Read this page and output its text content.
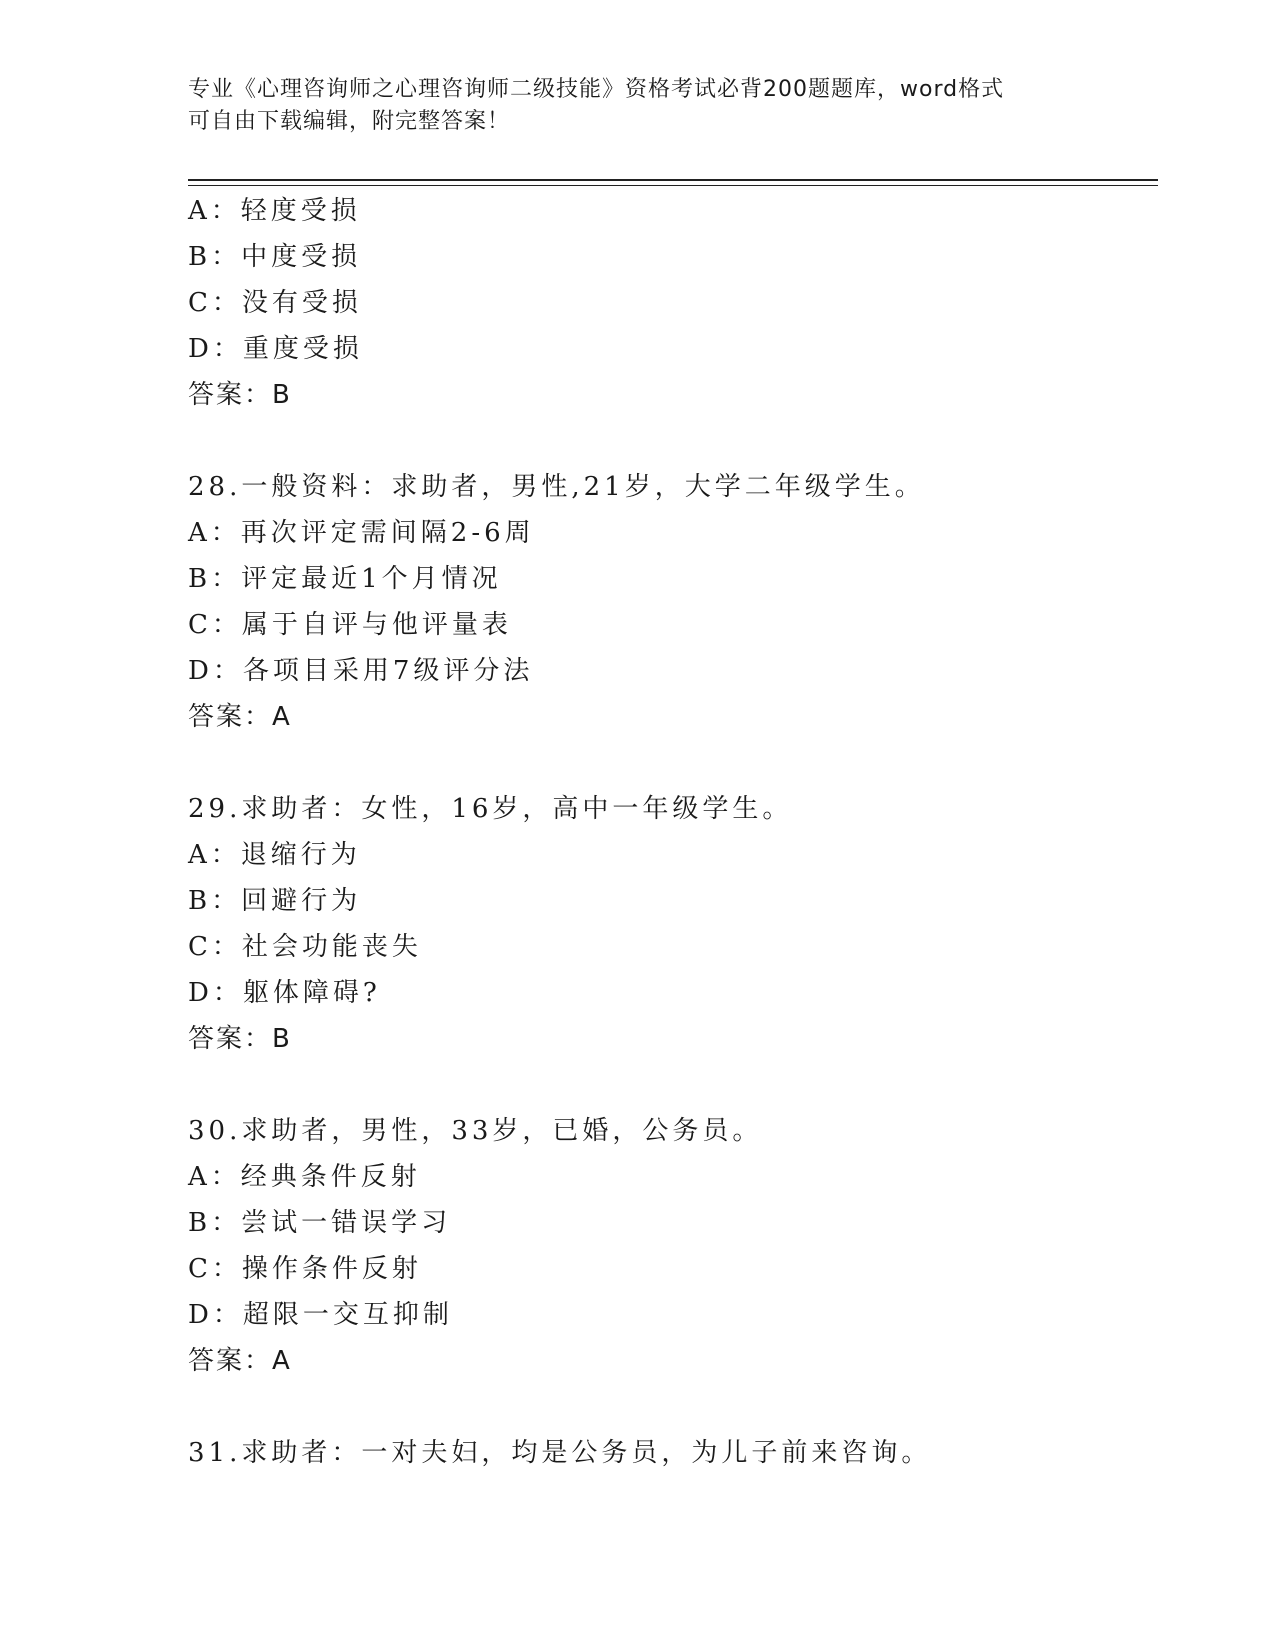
专业《心理咨询师之心理咨询师二级技能》资格考试必背200题题库，word格式
可自由下载编辑，附完整答案！
A：轻度受损
B：中度受损
C：没有受损
D：重度受损
答案：B
28.一般资料：求助者，男性,21岁，大学二年级学生。
A：再次评定需间隔2-6周
B：评定最近1个月情况
C：属于自评与他评量表
D：各项目采用7级评分法
答案：A
29.求助者：女性，16岁，高中一年级学生。
A：退缩行为
B：回避行为
C：社会功能丧失
D：躯体障碍?
答案：B
30.求助者，男性，33岁，已婚，公务员。
A：经典条件反射
B：尝试一错误学习
C：操作条件反射
D：超限一交互抑制
答案：A
31.求助者：一对夫妇，均是公务员，为儿子前来咨询。
